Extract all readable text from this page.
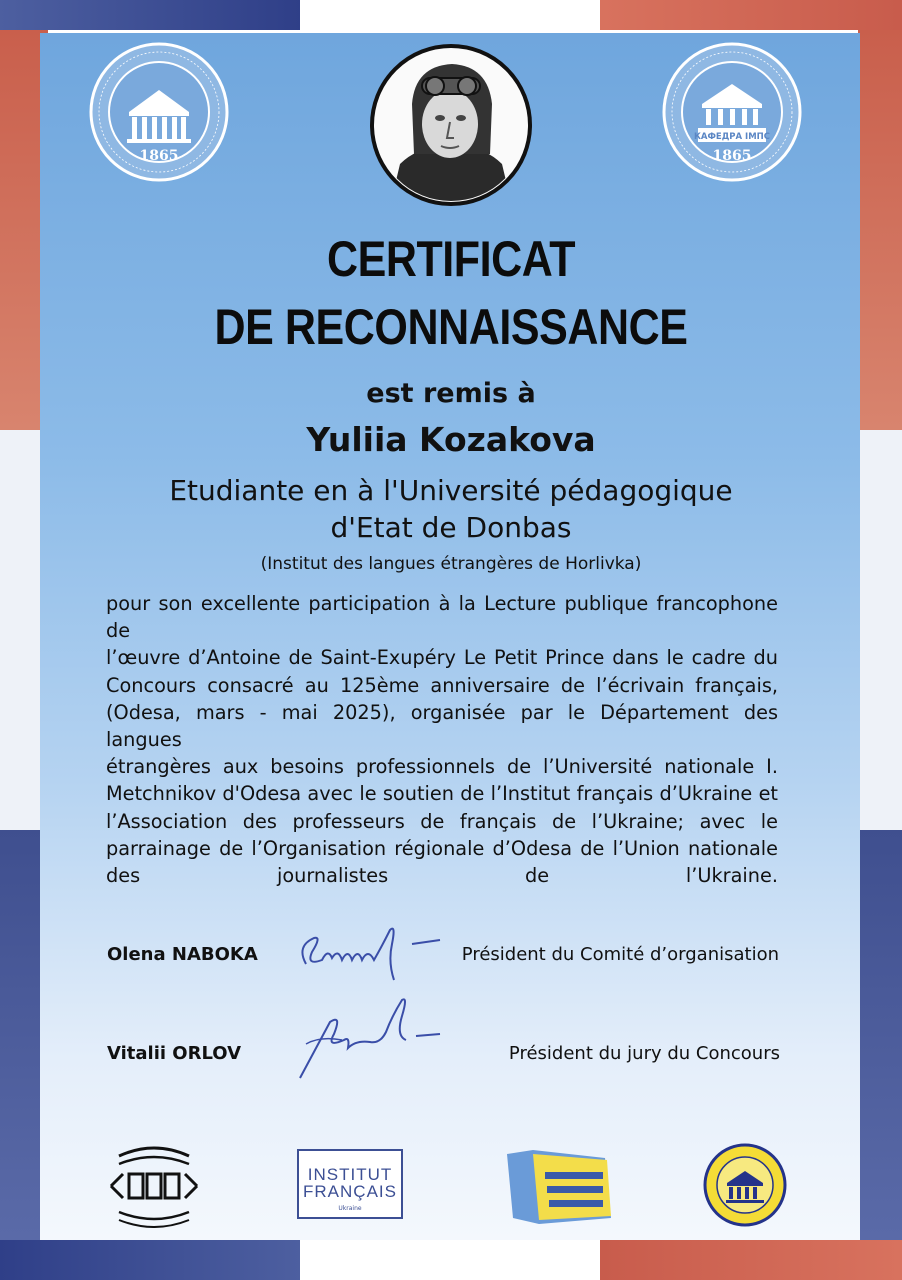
1865
КАФЕДРА ІМПС
1865
CERTIFICAT
DE RECONNAISSANCE
est remis à
Yuliia Kozakova
Etudiante en à l'Université pédagogique
d'Etat de Donbas
(Institut des langues étrangères de Horlivka)
pour son excellente participation à la Lecture publique francophone de
l’œuvre d’Antoine de Saint-Exupéry Le Petit Prince dans le cadre du
Concours consacré au 125ème anniversaire de l’écrivain français,
(Odesa, mars - mai 2025), organisée par le Département des langues
étrangères aux besoins professionnels de l’Université nationale I.
Metchnikov d'Odesa avec le soutien de l’Institut français d’Ukraine et
l’Association des professeurs de français de l’Ukraine; avec le
parrainage de l’Organisation régionale d’Odesa de l’Union nationale
des journalistes de l’Ukraine.
Olena NABOKA	Président du Comité d’organisation
Vitalii ORLOV	Président du jury du Concours
INSTITUT
FRANÇAIS
Ukraine
